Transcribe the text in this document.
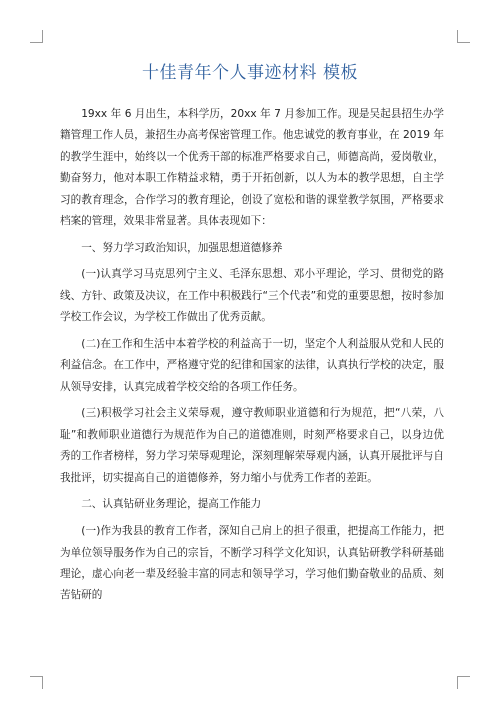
十佳青年个人事迹材料 模板

19xx 年 6 月出生，本科学历，20xx 年 7 月参加工作。现是吴起县招生办学籍管理工作人员，兼招生办高考保密管理工作。他忠诚党的教育事业，在 2019 年的教学生涯中，始终以一个优秀干部的标准严格要求自己，师德高尚，爱岗敬业，勤奋努力，他对本职工作精益求精，勇于开拓创新，以人为本的教学思想，自主学习的教育理念，合作学习的教育理论，创设了宽松和谐的课堂教学氛围，严格要求档案的管理，效果非常显著。具体表现如下：

一、努力学习政治知识，加强思想道德修养

(一)认真学习马克思列宁主义、毛泽东思想、邓小平理论，学习、贯彻党的路线、方针、政策及决议，在工作中积极践行“三个代表”和党的重要思想，按时参加学校工作会议，为学校工作做出了优秀贡献。

(二)在工作和生活中本着学校的利益高于一切，坚定个人利益服从党和人民的利益信念。在工作中，严格遵守党的纪律和国家的法律，认真执行学校的决定，服从领导安排，认真完成着学校交给的各项工作任务。

(三)积极学习社会主义荣辱观，遵守教师职业道德和行为规范，把“八荣，八耻”和教师职业道德行为规范作为自己的道德准则，时刻严格要求自己，以身边优秀的工作者榜样，努力学习荣辱观理论，深刻理解荣辱观内涵，认真开展批评与自我批评，切实提高自己的道德修养，努力缩小与优秀工作者的差距。

二、认真钻研业务理论，提高工作能力

(一)作为我县的教育工作者，深知自己肩上的担子很重，把提高工作能力，把为单位领导服务作为自己的宗旨，不断学习科学文化知识，认真钻研教学科研基础理论，虚心向老一辈及经验丰富的同志和领导学习，学习他们勤奋敬业的品质、刻苦钻研的
